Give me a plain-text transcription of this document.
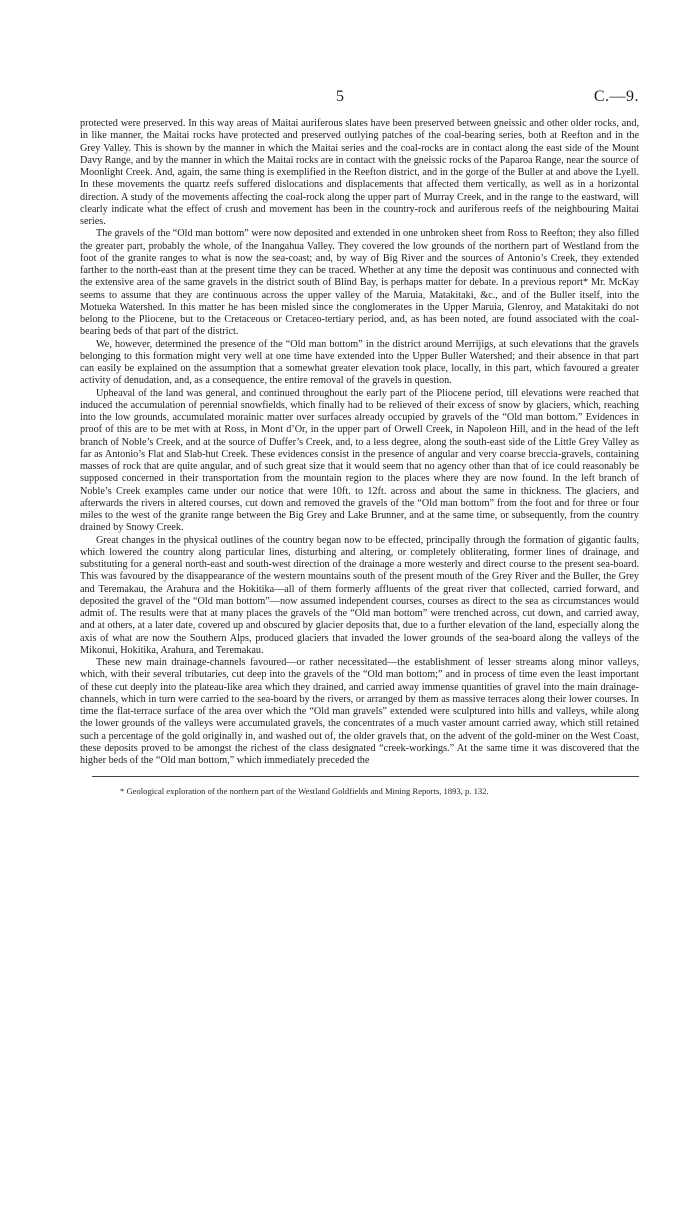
5	C.—9.

protected were preserved. In this way areas of Maitai auriferous slates have been preserved between gneissic and other older rocks, and, in like manner, the Maitai rocks have protected and preserved outlying patches of the coal-bearing series, both at Reefton and in the Grey Valley. This is shown by the manner in which the Maitai series and the coal-rocks are in contact along the east side of the Mount Davy Range, and by the manner in which the Maitai rocks are in contact with the gneissic rocks of the Paparoa Range, near the source of Moonlight Creek. And, again, the same thing is exemplified in the Reefton district, and in the gorge of the Buller at and above the Lyell. In these movements the quartz reefs suffered dislocations and displacements that affected them vertically, as well as in a horizontal direction. A study of the movements affecting the coal-rock along the upper part of Murray Creek, and in the range to the eastward, will clearly indicate what the effect of crush and movement has been in the country-rock and auriferous reefs of the neighbouring Maitai series.

The gravels of the “Old man bottom” were now deposited and extended in one unbroken sheet from Ross to Reefton; they also filled the greater part, probably the whole, of the Inangahua Valley. They covered the low grounds of the northern part of Westland from the foot of the granite ranges to what is now the sea-coast; and, by way of Big River and the sources of Antonio’s Creek, they extended farther to the north-east than at the present time they can be traced. Whether at any time the deposit was continuous and connected with the extensive area of the same gravels in the district south of Blind Bay, is perhaps matter for debate. In a previous report* Mr. McKay seems to assume that they are continuous across the upper valley of the Maruia, Matakitaki, &c., and of the Buller itself, into the Motueka Watershed. In this matter he has been misled since the conglomerates in the Upper Maruia, Glenroy, and Matakitaki do not belong to the Pliocene, but to the Cretaceous or Cretaceo-tertiary period, and, as has been noted, are found associated with the coal-bearing beds of that part of the district.

We, however, determined the presence of the “Old man bottom” in the district around Merrijigs, at such elevations that the gravels belonging to this formation might very well at one time have extended into the Upper Buller Watershed; and their absence in that part can easily be explained on the assumption that a somewhat greater elevation took place, locally, in this part, which favoured a greater activity of denudation, and, as a consequence, the entire removal of the gravels in question.

Upheaval of the land was general, and continued throughout the early part of the Pliocene period, till elevations were reached that induced the accumulation of perennial snowfields, which finally had to be relieved of their excess of snow by glaciers, which, reaching into the low grounds, accumulated morainic matter over surfaces already occupied by gravels of the “Old man bottom.” Evidences in proof of this are to be met with at Ross, in Mont d’Or, in the upper part of Orwell Creek, in Napoleon Hill, and in the head of the left branch of Noble’s Creek, and at the source of Duffer’s Creek, and, to a less degree, along the south-east side of the Little Grey Valley as far as Antonio’s Flat and Slab-hut Creek. These evidences consist in the presence of angular and very coarse breccia-gravels, containing masses of rock that are quite angular, and of such great size that it would seem that no agency other than that of ice could reasonably be supposed concerned in their transportation from the mountain region to the places where they are now found. In the left branch of Noble’s Creek examples came under our notice that were 10ft. to 12ft. across and about the same in thickness. The glaciers, and afterwards the rivers in altered courses, cut down and removed the gravels of the “Old man bottom” from the foot and for three or four miles to the west of the granite range between the Big Grey and Lake Brunner, and at the same time, or subsequently, from the country drained by Snowy Creek.

Great changes in the physical outlines of the country began now to be effected, principally through the formation of gigantic faults, which lowered the country along particular lines, disturbing and altering, or completely obliterating, former lines of drainage, and substituting for a general north-east and south-west direction of the drainage a more westerly and direct course to the present sea-board. This was favoured by the disappearance of the western mountains south of the present mouth of the Grey River and the Buller, the Grey and Teremakau, the Arahura and the Hokitika—all of them formerly affluents of the great river that collected, carried forward, and deposited the gravel of the “Old man bottom”—now assumed independent courses, courses as direct to the sea as circumstances would admit of. The results were that at many places the gravels of the “Old man bottom” were trenched across, cut down, and carried away, and at others, at a later date, covered up and obscured by glacier deposits that, due to a further elevation of the land, especially along the axis of what are now the Southern Alps, produced glaciers that invaded the lower grounds of the sea-board along the valleys of the Mikonui, Hokitika, Arahura, and Teremakau.

These new main drainage-channels favoured—or rather necessitated—the establishment of lesser streams along minor valleys, which, with their several tributaries, cut deep into the gravels of the “Old man bottom;” and in process of time even the least important of these cut deeply into the plateau-like area which they drained, and carried away immense quantities of gravel into the main drainage-channels, which in turn were carried to the sea-board by the rivers, or arranged by them as massive terraces along their lower courses. In time the flat-terrace surface of the area over which the “Old man gravels” extended were sculptured into hills and valleys, while along the lower grounds of the valleys were accumulated gravels, the concentrates of a much vaster amount carried away, which still retained such a percentage of the gold originally in, and washed out of, the older gravels that, on the advent of the gold-miner on the West Coast, these deposits proved to be amongst the richest of the class designated “creek-workings.” At the same time it was discovered that the higher beds of the “Old man bottom,” which immediately preceded the

* Geological exploration of the northern part of the Westland Goldfields and Mining Reports, 1893, p. 132.
